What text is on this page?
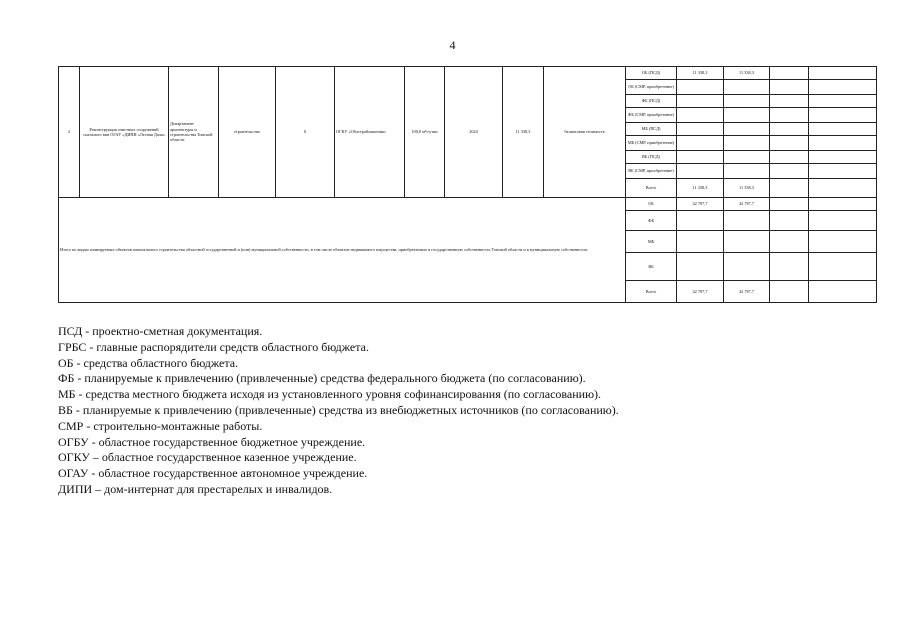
4
2	Реконструкция очистных сооружений спального вкн ОГАУ «ДИПИ «Лесная Дача»	Департамент архитектуры и строительства Томской области	строительство	0	ОГКУ «Облстройзаказчик»	100,0 м³/сутки	2024	11 338,3	балансовая стоимость	ОБ (ПСД)	11 338,3	11 338,3		
										ОБ (СМР, приобретение)				
										ФБ (ПСД)				
										ФБ (СМР, приобретение)				
										МБ (ПСД)				
										МБ (СМР, приобретение)				
										ВБ (ПСД)				
										ВБ (СМР, приобретение)				
										Всего	11 338,3	11 338,3		
Итого по видам планируемых объектов капитального строительства областной государственной и (или) муниципальной собственности, в том числе объектов недвижимого имущества, приобретаемых в государственную собственность Томской области и в муниципальную собственность										ОБ	42 787,7	42 787,7		
										ФБ				
										МБ				
										ВБ				
										Всего	42 787,7	42 787,7		
ПСД - проектно-сметная документация.
ГРБС - главные распорядители средств областного бюджета.
ОБ - средства областного бюджета.
ФБ - планируемые к привлечению (привлеченные) средства федерального бюджета (по согласованию).
МБ - средства местного бюджета исходя из установленного уровня софинансирования (по согласованию).
ВБ - планируемые к привлечению (привлеченные) средства из внебюджетных источников (по согласованию).
СМР - строительно-монтажные работы.
ОГБУ - областное государственное бюджетное учреждение.
ОГКУ – областное государственное казенное учреждение.
ОГАУ - областное государственное автономное учреждение.
ДИПИ – дом-интернат для престарелых и инвалидов.
